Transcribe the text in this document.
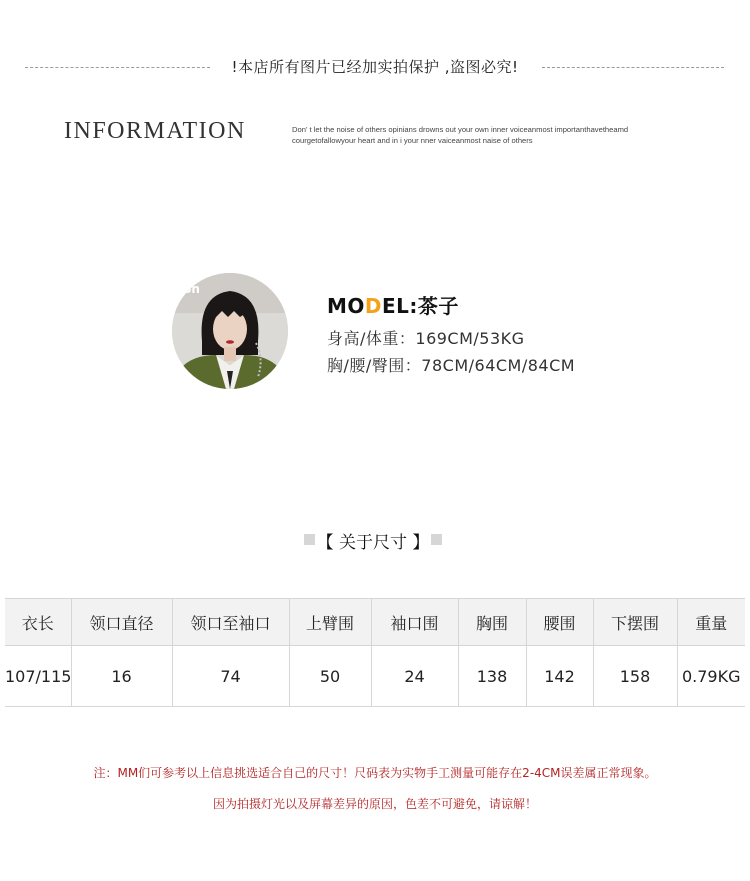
!本店所有图片已经加实拍保护 ,盗图必究!
INFORMATION	Don’ t let the noise of others opinians drowns out your own inner voiceanmost importanthavetheamd
courgetofallowyour heart and in i your nner vaiceanmost naise of others
ion
MODEL:茶子
身高/体重：169CM/53KG
胸/腰/臀围：78CM/64CM/84CM
【 关于尺寸 】
衣长	领口直径	领口至袖口	上臂围	袖口围	胸围	腰围	下摆围	重量
107/115	16	74	50	24	138	142	158	0.79KG
注：MM们可参考以上信息挑选适合自己的尺寸！尺码表为实物手工测量可能存在2-4CM误差属正常现象。
因为拍摄灯光以及屏幕差异的原因，色差不可避免，请谅解！
